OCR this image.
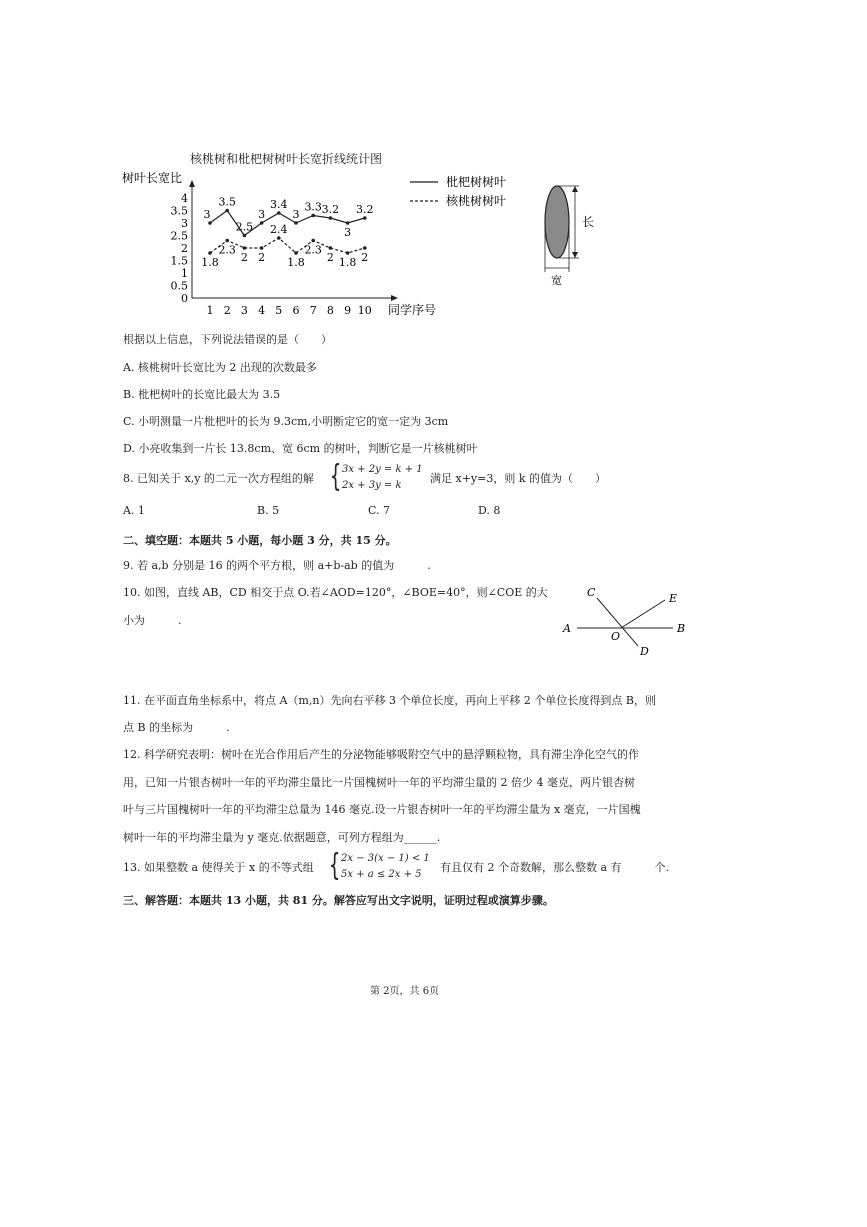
核桃树和枇杷树树叶长宽折线统计图
树叶长宽比
同学序号
0
0.5
1
1.5
2
2.5
3
3.5
4
1 2 3 4 5 6 7 8 9 10
3
3.5
2.5
3
3.4
3
3.3 3.2
3
3.2
1.8
2.3
2 2
2.4
1.8
2.3
2 1.8 2
枇杷树树叶
核桃树树叶
长
宽
根据以上信息，下列说法错误的是（　　）
A. 核桃树叶长宽比为 2 出现的次数最多
B. 枇杷树叶的长宽比最大为 3.5
C. 小明测量一片枇杷叶的长为 9.3cm,小明断定它的宽一定为 3cm
D. 小亮收集到一片长 13.8cm、宽 6cm 的树叶，判断它是一片核桃树叶
8. 已知关于 x,y 的二元一次方程组的解 { 3x + 2y = k + 1
2x + 3y = k
满足 x+y=3，则 k 的值为（　　）
A. 1	B. 5	C. 7	D. 8
二、填空题：本题共 5 小题，每小题 3 分，共 15 分。
9. 若 a,b 分别是 16 的两个平方根，则 a+b-ab 的值为　　　.
10. 如图，直线 AB，CD 相交于点 O.若∠AOD=120°，∠BOE=40°，则∠COE 的大
小为　　　.
A	B
C
D
E
O
11. 在平面直角坐标系中，将点 A（m,n）先向右平移 3 个单位长度，再向上平移 2 个单位长度得到点 B，则
点 B 的坐标为　　　.
12. 科学研究表明：树叶在光合作用后产生的分泌物能够吸附空气中的悬浮颗粒物，具有滞尘净化空气的作
用，已知一片银杏树叶一年的平均滞尘量比一片国槐树叶一年的平均滞尘量的 2 倍少 4 毫克，两片银杏树
叶与三片国槐树叶一年的平均滞尘总量为 146 毫克.设一片银杏树叶一年的平均滞尘量为 x 毫克，一片国槐
树叶一年的平均滞尘量为 y 毫克.依据题意，可列方程组为______.
13. 如果整数 a 使得关于 x 的不等式组 { 2x − 3(x − 1) < 1
5x + a ≤ 2x + 5
有且仅有 2 个奇数解，那么整数 a 有　　　个.
三、解答题：本题共 13 小题，共 81 分。解答应写出文字说明，证明过程或演算步骤。
第 2页，共 6页
